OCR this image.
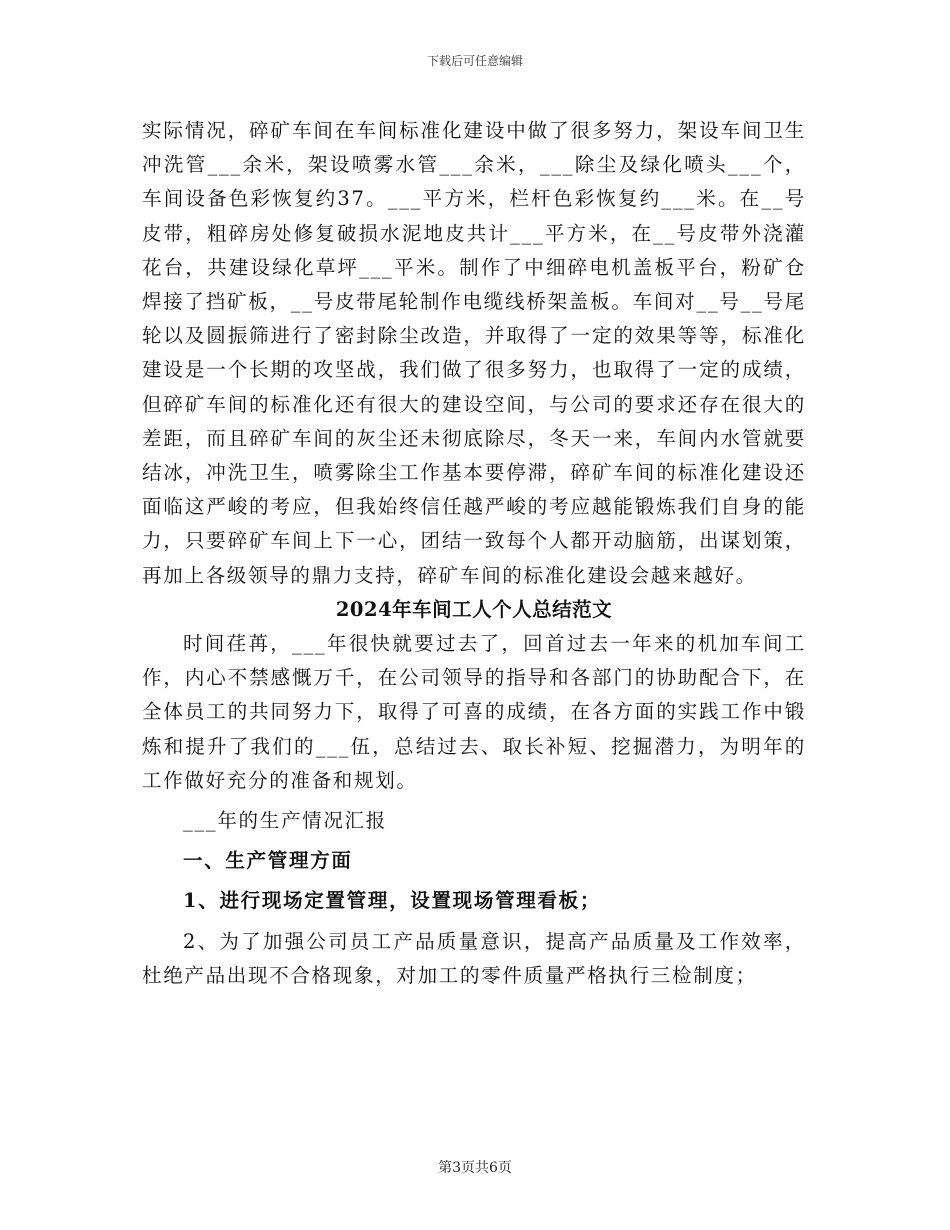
下载后可任意编辑

实际情况，碎矿车间在车间标准化建设中做了很多努力，架设车间卫生冲洗管___余米，架设喷雾水管___余米，___除尘及绿化喷头___个，车间设备色彩恢复约37。___平方米，栏杆色彩恢复约___米。在__号皮带，粗碎房处修复破损水泥地皮共计___平方米，在__号皮带外浇灌花台，共建设绿化草坪___平米。制作了中细碎电机盖板平台，粉矿仓焊接了挡矿板，__号皮带尾轮制作电缆线桥架盖板。车间对__号__号尾轮以及圆振筛进行了密封除尘改造，并取得了一定的效果等等，标准化建设是一个长期的攻坚战，我们做了很多努力，也取得了一定的成绩，但碎矿车间的标准化还有很大的建设空间，与公司的要求还存在很大的差距，而且碎矿车间的灰尘还未彻底除尽，冬天一来，车间内水管就要结冰，冲洗卫生，喷雾除尘工作基本要停滞，碎矿车间的标准化建设还面临这严峻的考应，但我始终信任越严峻的考应越能锻炼我们自身的能力，只要碎矿车间上下一心，团结一致每个人都开动脑筋，出谋划策，再加上各级领导的鼎力支持，碎矿车间的标准化建设会越来越好。

2024年车间工人个人总结范文

时间荏苒，___年很快就要过去了，回首过去一年来的机加车间工作，内心不禁感慨万千，在公司领导的指导和各部门的协助配合下，在全体员工的共同努力下，取得了可喜的成绩，在各方面的实践工作中锻炼和提升了我们的___伍，总结过去、取长补短、挖掘潜力，为明年的工作做好充分的准备和规划。

___年的生产情况汇报

一、生产管理方面

1、进行现场定置管理，设置现场管理看板；

2、为了加强公司员工产品质量意识，提高产品质量及工作效率，杜绝产品出现不合格现象，对加工的零件质量严格执行三检制度；

第3页共6页
